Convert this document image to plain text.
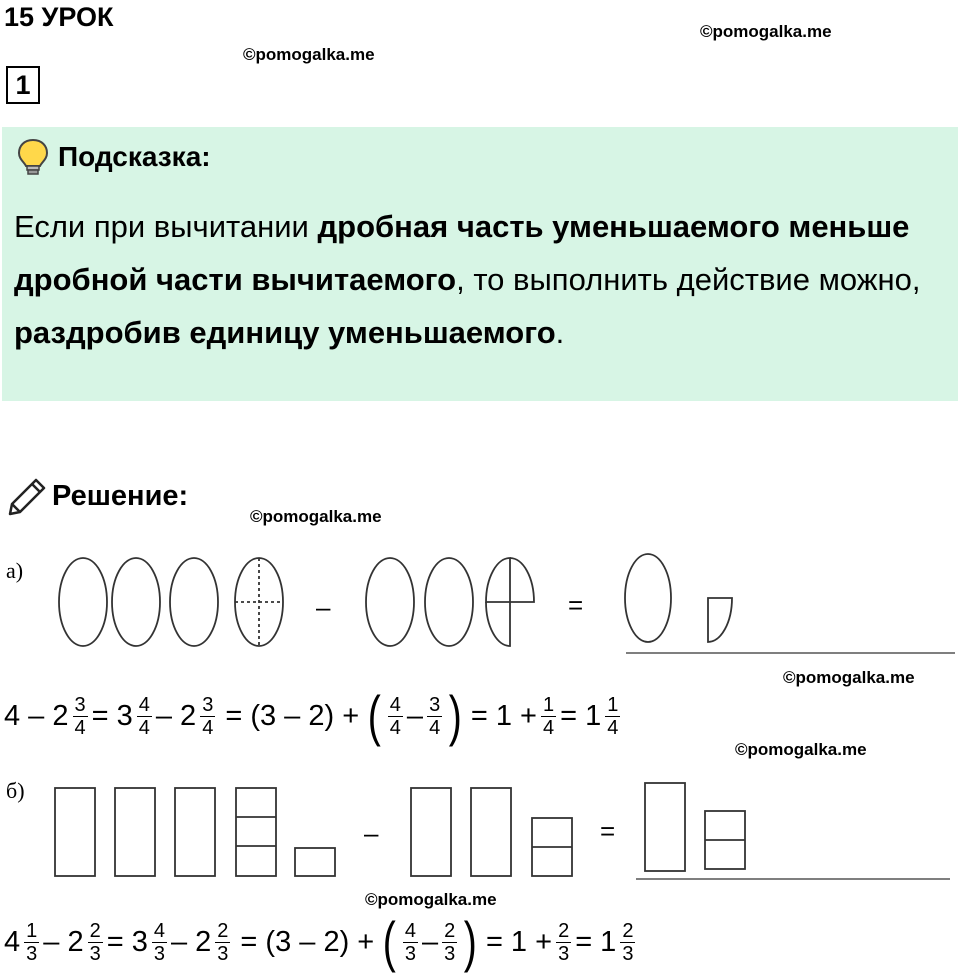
15 УРОК	©pomogalka.me
©pomogalka.me
1
Подсказка:
Если при вычитании дробная часть уменьшаемого меньше дробной части вычитаемого, то выполнить действие можно, раздробив единицу уменьшаемого.
Решение:
©pomogalka.me
а)
–	=
©pomogalka.me
$4 - 2 \frac{3}{4} = 3 \frac{4}{4} - 2 \frac{3}{4} = (3 - 2)$ + ( $\frac{4}{4} - \frac{3}{4}$ ) = $1 + \frac{1}{4} = 1 \frac{1}{4}$
©pomogalka.me
б)
–	=
©pomogalka.me
$4 \frac{1}{3} - 2 \frac{2}{3} = 3 \frac{4}{3} - 2 \frac{2}{3} = (3 - 2)$ + ( $\frac{4}{3} - \frac{2}{3}$ ) = $1 + \frac{2}{3} = 1 \frac{2}{3}$
